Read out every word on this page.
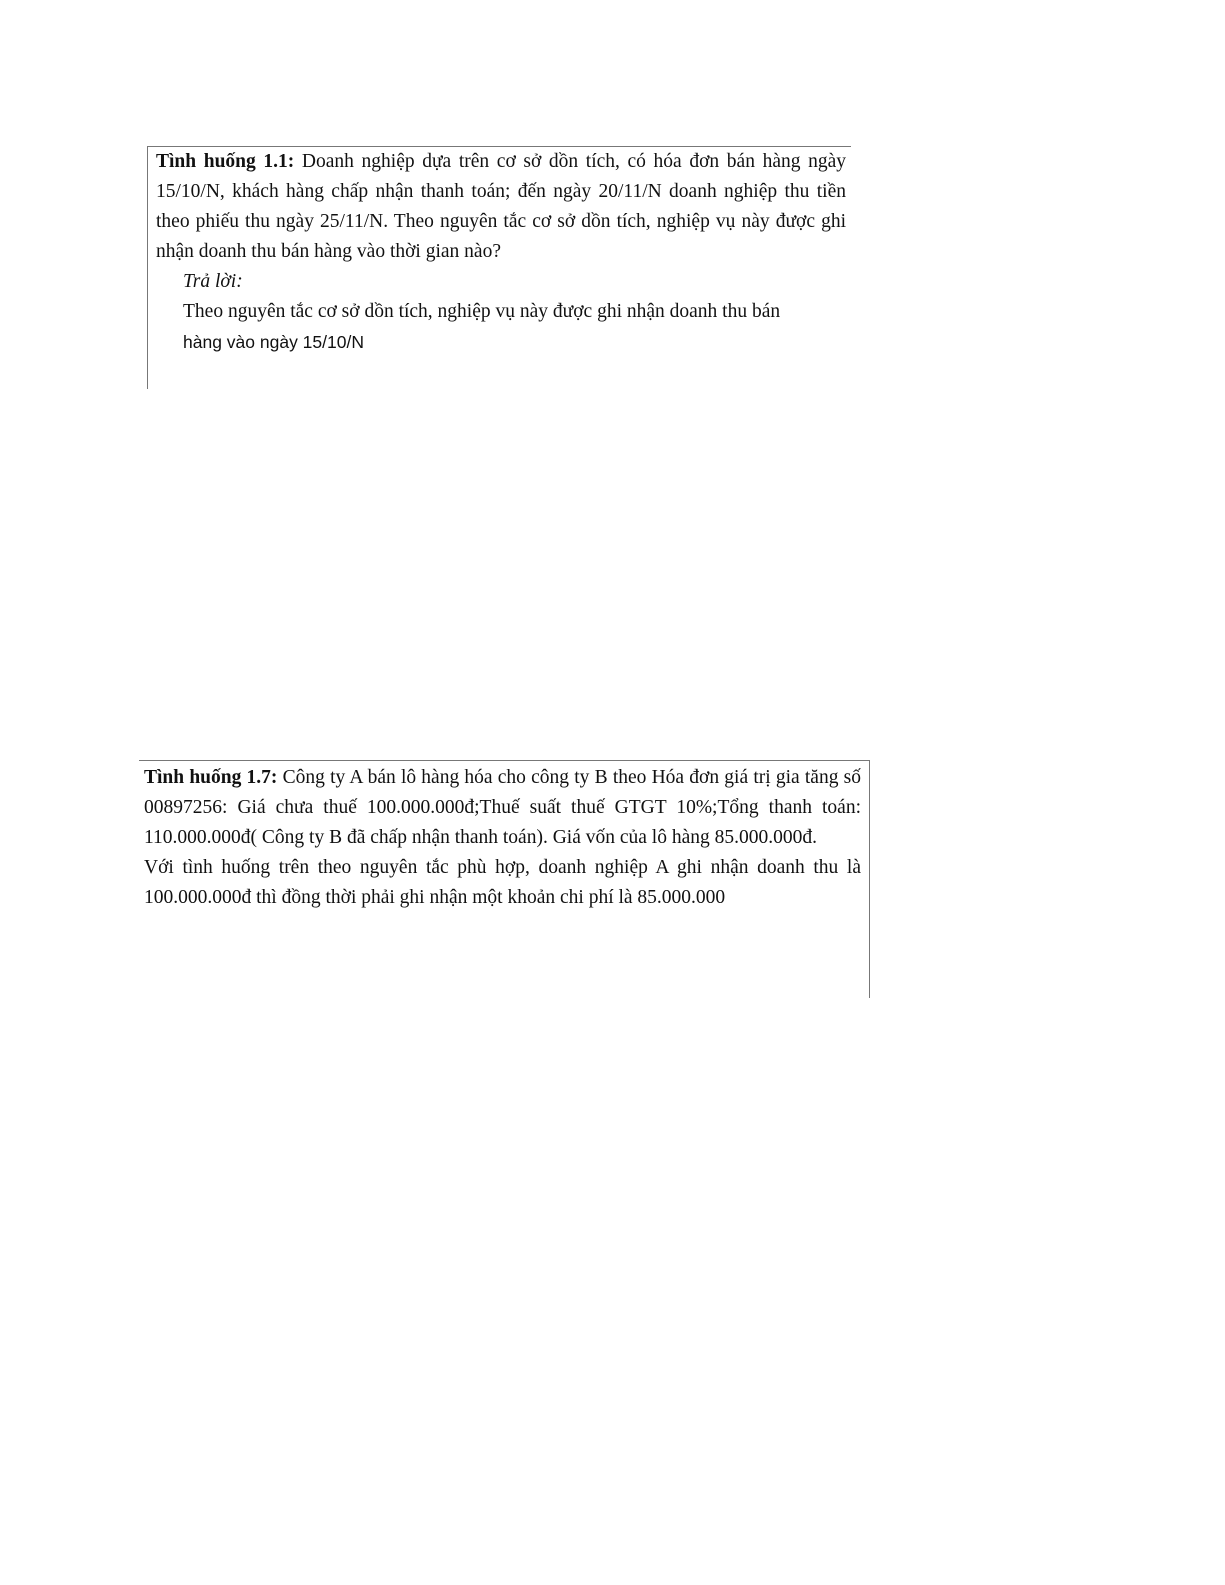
Tình huống 1.1: Doanh nghiệp dựa trên cơ sở dồn tích, có hóa đơn bán hàng ngày 15/10/N, khách hàng chấp nhận thanh toán; đến ngày 20/11/N doanh nghiệp thu tiền theo phiếu thu ngày 25/11/N. Theo nguyên tắc cơ sở dồn tích, nghiệp vụ này được ghi nhận doanh thu bán hàng vào thời gian nào?

Trả lời:

Theo nguyên tắc cơ sở dồn tích, nghiệp vụ này được ghi nhận doanh thu bán
hàng vào ngày 15/10/N

Tình huống 1.7: Công ty A bán lô hàng hóa cho công ty B theo Hóa đơn giá trị gia tăng số 00897256: Giá chưa thuế 100.000.000đ;Thuế suất thuế GTGT 10%;Tổng thanh toán: 110.000.000đ( Công ty B đã chấp nhận thanh toán). Giá vốn của lô hàng 85.000.000đ.
Với tình huống trên theo nguyên tắc phù hợp, doanh nghiệp A ghi nhận doanh thu là 100.000.000đ thì đồng thời phải ghi nhận một khoản chi phí là 85.000.000
